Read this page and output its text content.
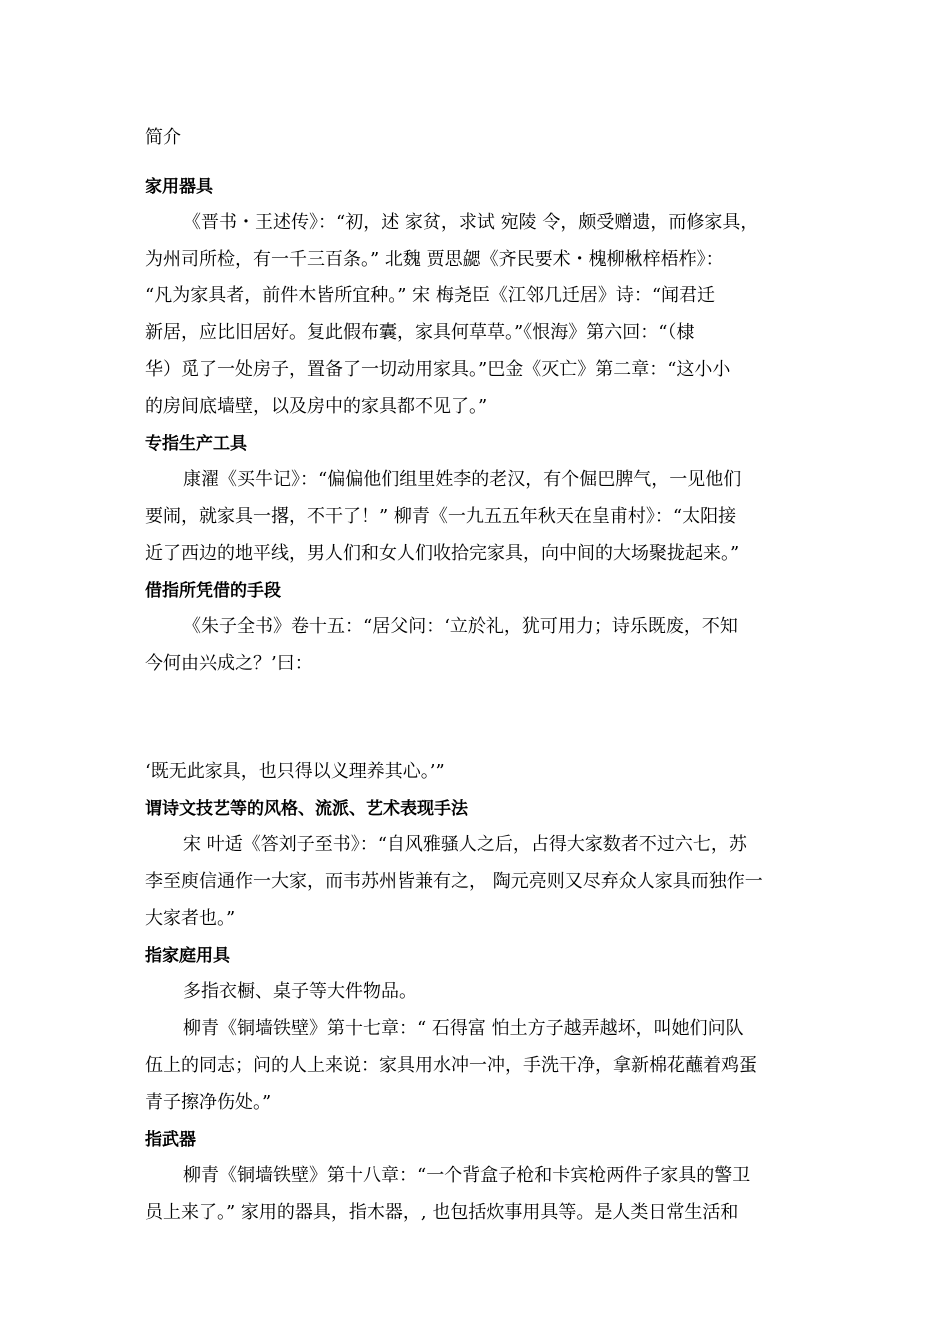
简介
家用器具
《晋书・王述传》：“初，述 家贫，求试 宛陵 令，颇受赠遗，而修家具，
为州司所检，有一千三百条。” 北魏 贾思勰《齐民要术・槐柳楸梓梧柞》：
“凡为家具者，前件木皆所宜种。” 宋 梅尧臣《江邻几迁居》诗：“闻君迁
新居，应比旧居好。复此假布囊，家具何草草。”《恨海》第六回：“（棣
华）觅了一处房子，置备了一切动用家具。”巴金《灭亡》第二章：“这小小
的房间底墙壁，以及房中的家具都不见了。”
专指生产工具
康濯《买牛记》：“偏偏他们组里姓李的老汉，有个倔巴脾气，一见他们
要闹，就家具一撂，不干了！” 柳青《一九五五年秋天在皇甫村》：“太阳接
近了西边的地平线，男人们和女人们收拾完家具，向中间的大场聚拢起来。”
借指所凭借的手段
《朱子全书》卷十五：“居父问：‘立於礼，犹可用力；诗乐既废，不知
今何由兴成之？’曰：
‘既无此家具，也只得以义理养其心。’”
谓诗文技艺等的风格、流派、艺术表现手法
宋 叶适《答刘子至书》：“自风雅骚人之后，占得大家数者不过六七，苏
李至庾信通作一大家，而韦苏州皆兼有之， 陶元亮则又尽弃众人家具而独作一
大家者也。”
指家庭用具
多指衣橱、桌子等大件物品。
柳青《铜墙铁壁》第十七章：“ 石得富 怕土方子越弄越坏，叫她们问队
伍上的同志；问的人上来说：家具用水冲一冲，手洗干净，拿新棉花蘸着鸡蛋
青子擦净伤处。”
指武器
柳青《铜墙铁壁》第十八章：“一个背盒子枪和卡宾枪两件子家具的警卫
员上来了。” 家用的器具，指木器，, 也包括炊事用具等。是人类日常生活和
